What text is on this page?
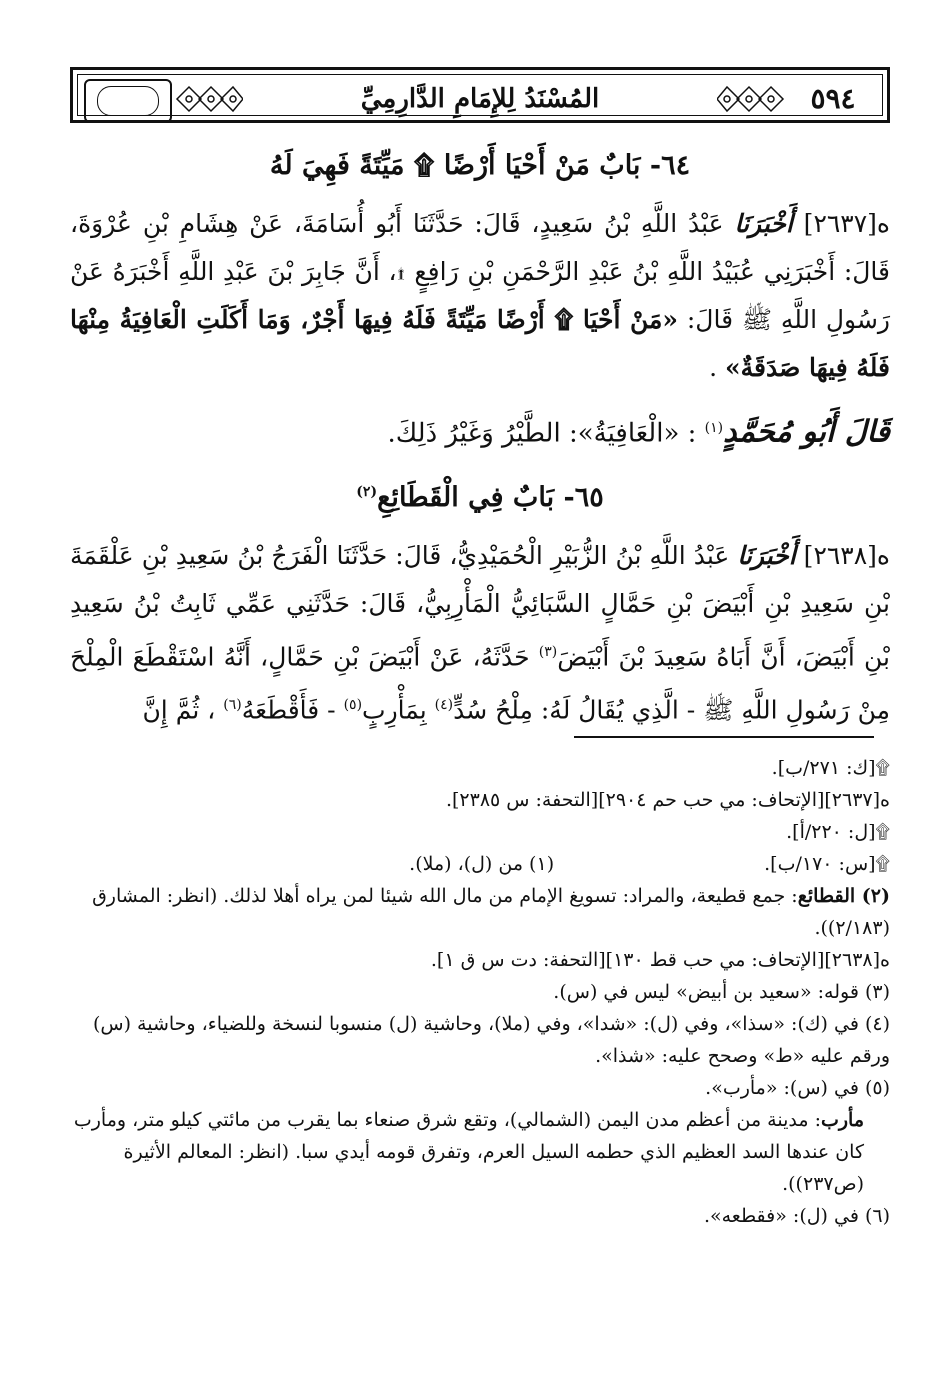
المُسْنَدُ لِلإِمَامِ الدَّارِمِيِّ	٥٩٤
٦٤- بَابٌ مَنْ أَحْيَا أَرْضًا ۩ مَيِّتَةً فَهِيَ لَهُ

ه[٢٦٣٧] أَخْبَرَنَا عَبْدُ اللَّهِ بْنُ سَعِيدٍ، قَالَ: حَدَّثَنَا أَبُو أُسَامَةَ، عَنْ هِشَامِ بْنِ عُرْوَةَ، قَالَ: أَخْبَرَنِي عُبَيْدُ اللَّهِ بْنُ عَبْدِ الرَّحْمَنِ بْنِ رَافِعٍ ۩، أَنَّ جَابِرَ بْنَ عَبْدِ اللَّهِ أَخْبَرَهُ عَنْ رَسُولِ اللَّهِ ﷺ قَالَ: «مَنْ أَحْيَا ۩ أَرْضًا مَيِّتَةً فَلَهُ فِيهَا أَجْرٌ، وَمَا أَكَلَتِ الْعَافِيَةُ مِنْهَا فَلَهُ فِيهَا صَدَقَةٌ» .

قَالَ أَبُو مُحَمَّدٍ$^{(١)}$ : «الْعَافِيَةُ»: الطَّيْرُ وَغَيْرُ ذَلِكَ.

٦٥- بَابٌ فِي الْقَطَائِعِ$^{(٢)}$

ه[٢٦٣٨] أَخْبَرَنَا عَبْدُ اللَّهِ بْنُ الزُّبَيْرِ الْحُمَيْدِيُّ، قَالَ: حَدَّثَنَا الْفَرَجُ بْنُ سَعِيدِ بْنِ عَلْقَمَةَ بْنِ سَعِيدِ بْنِ أَبْيَضَ بْنِ حَمَّالٍ السَّبَائِيُّ الْمَأْرِبِيُّ، قَالَ: حَدَّثَنِي عَمِّي ثَابِتُ بْنُ سَعِيدِ بْنِ أَبْيَضَ، أَنَّ أَبَاهُ سَعِيدَ بْنَ أَبْيَضَ$^{(٣)}$ حَدَّثَهُ، عَنْ أَبْيَضَ بْنِ حَمَّالٍ، أَنَّهُ اسْتَقْطَعَ الْمِلْحَ مِنْ رَسُولِ اللَّهِ ﷺ - الَّذِي يُقَالُ لَهُ: مِلْحُ سُدٍّ$^{(٤)}$ بِمَأْرِبٍ$^{(٥)}$ - فَأَقْطَعَهُ$^{(٦)}$ ، ثُمَّ إِنَّ

۩[ك: ٢٧١/ب].

ه[٢٦٣٧][الإتحاف: مي حب حم ٢٩٠٤][التحفة: س ٢٣٨٥].

۩[ل: ٢٢٠/أ].

۩[س: ١٧٠/ب].
(١) من (ل)، (ملا).

(٢) القطائع: جمع قطيعة، والمراد: تسويغ الإمام من مال الله شيئا لمن يراه أهلا لذلك. (انظر: المشارق (٢/١٨٣)).

ه[٢٦٣٨][الإتحاف: مي حب قط ١٣٠][التحفة: دت س ق ١].

(٣) قوله: «سعيد بن أبيض» ليس في (س).

(٤) في (ك): «سذا»، وفي (ل): «شدا»، وفي (ملا)، وحاشية (ل) منسوبا لنسخة وللضياء، وحاشية (س) ورقم عليه «ط» وصحح عليه: «شذا».

(٥) في (س): «مأرب».

مأرب: مدينة من أعظم مدن اليمن (الشمالي)، وتقع شرق صنعاء بما يقرب من مائتي كيلو متر، ومأرب كان عندها السد العظيم الذي حطمه السيل العرم، وتفرق قومه أيدي سبا. (انظر: المعالم الأثيرة (ص٢٣٧)).

(٦) في (ل): «فقطعه».
